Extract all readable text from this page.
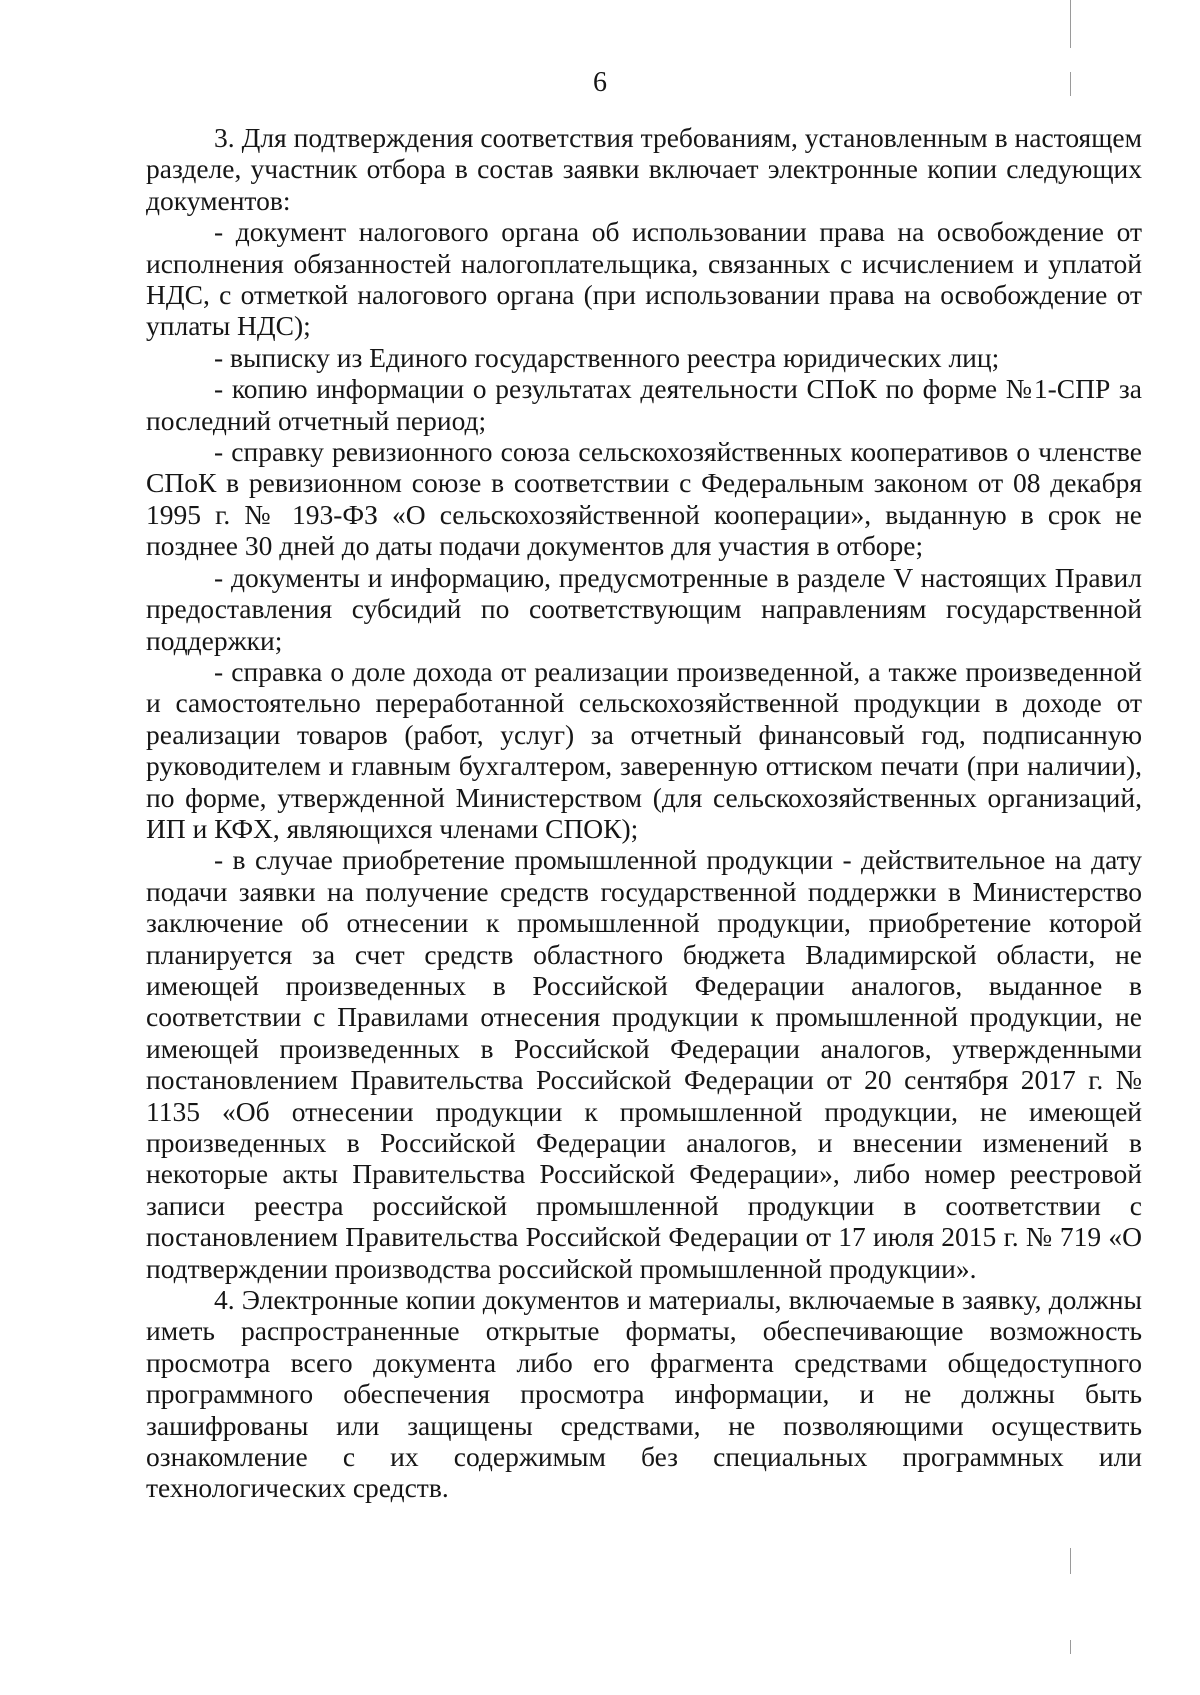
6

3. Для подтверждения соответствия требованиям, установленным в настоящем разделе, участник отбора в состав заявки включает электронные копии следующих документов:

- документ налогового органа об использовании права на освобождение от исполнения обязанностей налогоплательщика, связанных с исчислением и уплатой НДС, с отметкой налогового органа (при использовании права на освобождение от уплаты НДС);

- выписку из Единого государственного реестра юридических лиц;

- копию информации о результатах деятельности СПоК по форме №1-СПР за последний отчетный период;

- справку ревизионного союза сельскохозяйственных кооперативов о членстве СПоК в ревизионном союзе в соответствии с Федеральным законом от 08 декабря 1995 г. № 193-ФЗ «О сельскохозяйственной кооперации», выданную в срок не позднее 30 дней до даты подачи документов для участия в отборе;

- документы и информацию, предусмотренные в разделе V настоящих Правил предоставления субсидий по соответствующим направлениям государственной поддержки;

- справка о доле дохода от реализации произведенной, а также произведенной и самостоятельно переработанной сельскохозяйственной продукции в доходе от реализации товаров (работ, услуг) за отчетный финансовый год, подписанную руководителем и главным бухгалтером, заверенную оттиском печати (при наличии), по форме, утвержденной Министерством (для сельскохозяйственных организаций, ИП и КФХ, являющихся членами СПОК);

- в случае приобретение промышленной продукции - действительное на дату подачи заявки на получение средств государственной поддержки в Министерство заключение об отнесении к промышленной продукции, приобретение которой планируется за счет средств областного бюджета Владимирской области, не имеющей произведенных в Российской Федерации аналогов, выданное в соответствии с Правилами отнесения продукции к промышленной продукции, не имеющей произведенных в Российской Федерации аналогов, утвержденными постановлением Правительства Российской Федерации от 20 сентября 2017 г. № 1135 «Об отнесении продукции к промышленной продукции, не имеющей произведенных в Российской Федерации аналогов, и внесении изменений в некоторые акты Правительства Российской Федерации», либо номер реестровой записи реестра российской промышленной продукции в соответствии с постановлением Правительства Российской Федерации от 17 июля 2015 г. № 719 «О подтверждении производства российской промышленной продукции».

4. Электронные копии документов и материалы, включаемые в заявку, должны иметь распространенные открытые форматы, обеспечивающие возможность просмотра всего документа либо его фрагмента средствами общедоступного программного обеспечения просмотра информации, и не должны быть зашифрованы или защищены средствами, не позволяющими осуществить ознакомление с их содержимым без специальных программных или технологических средств.
